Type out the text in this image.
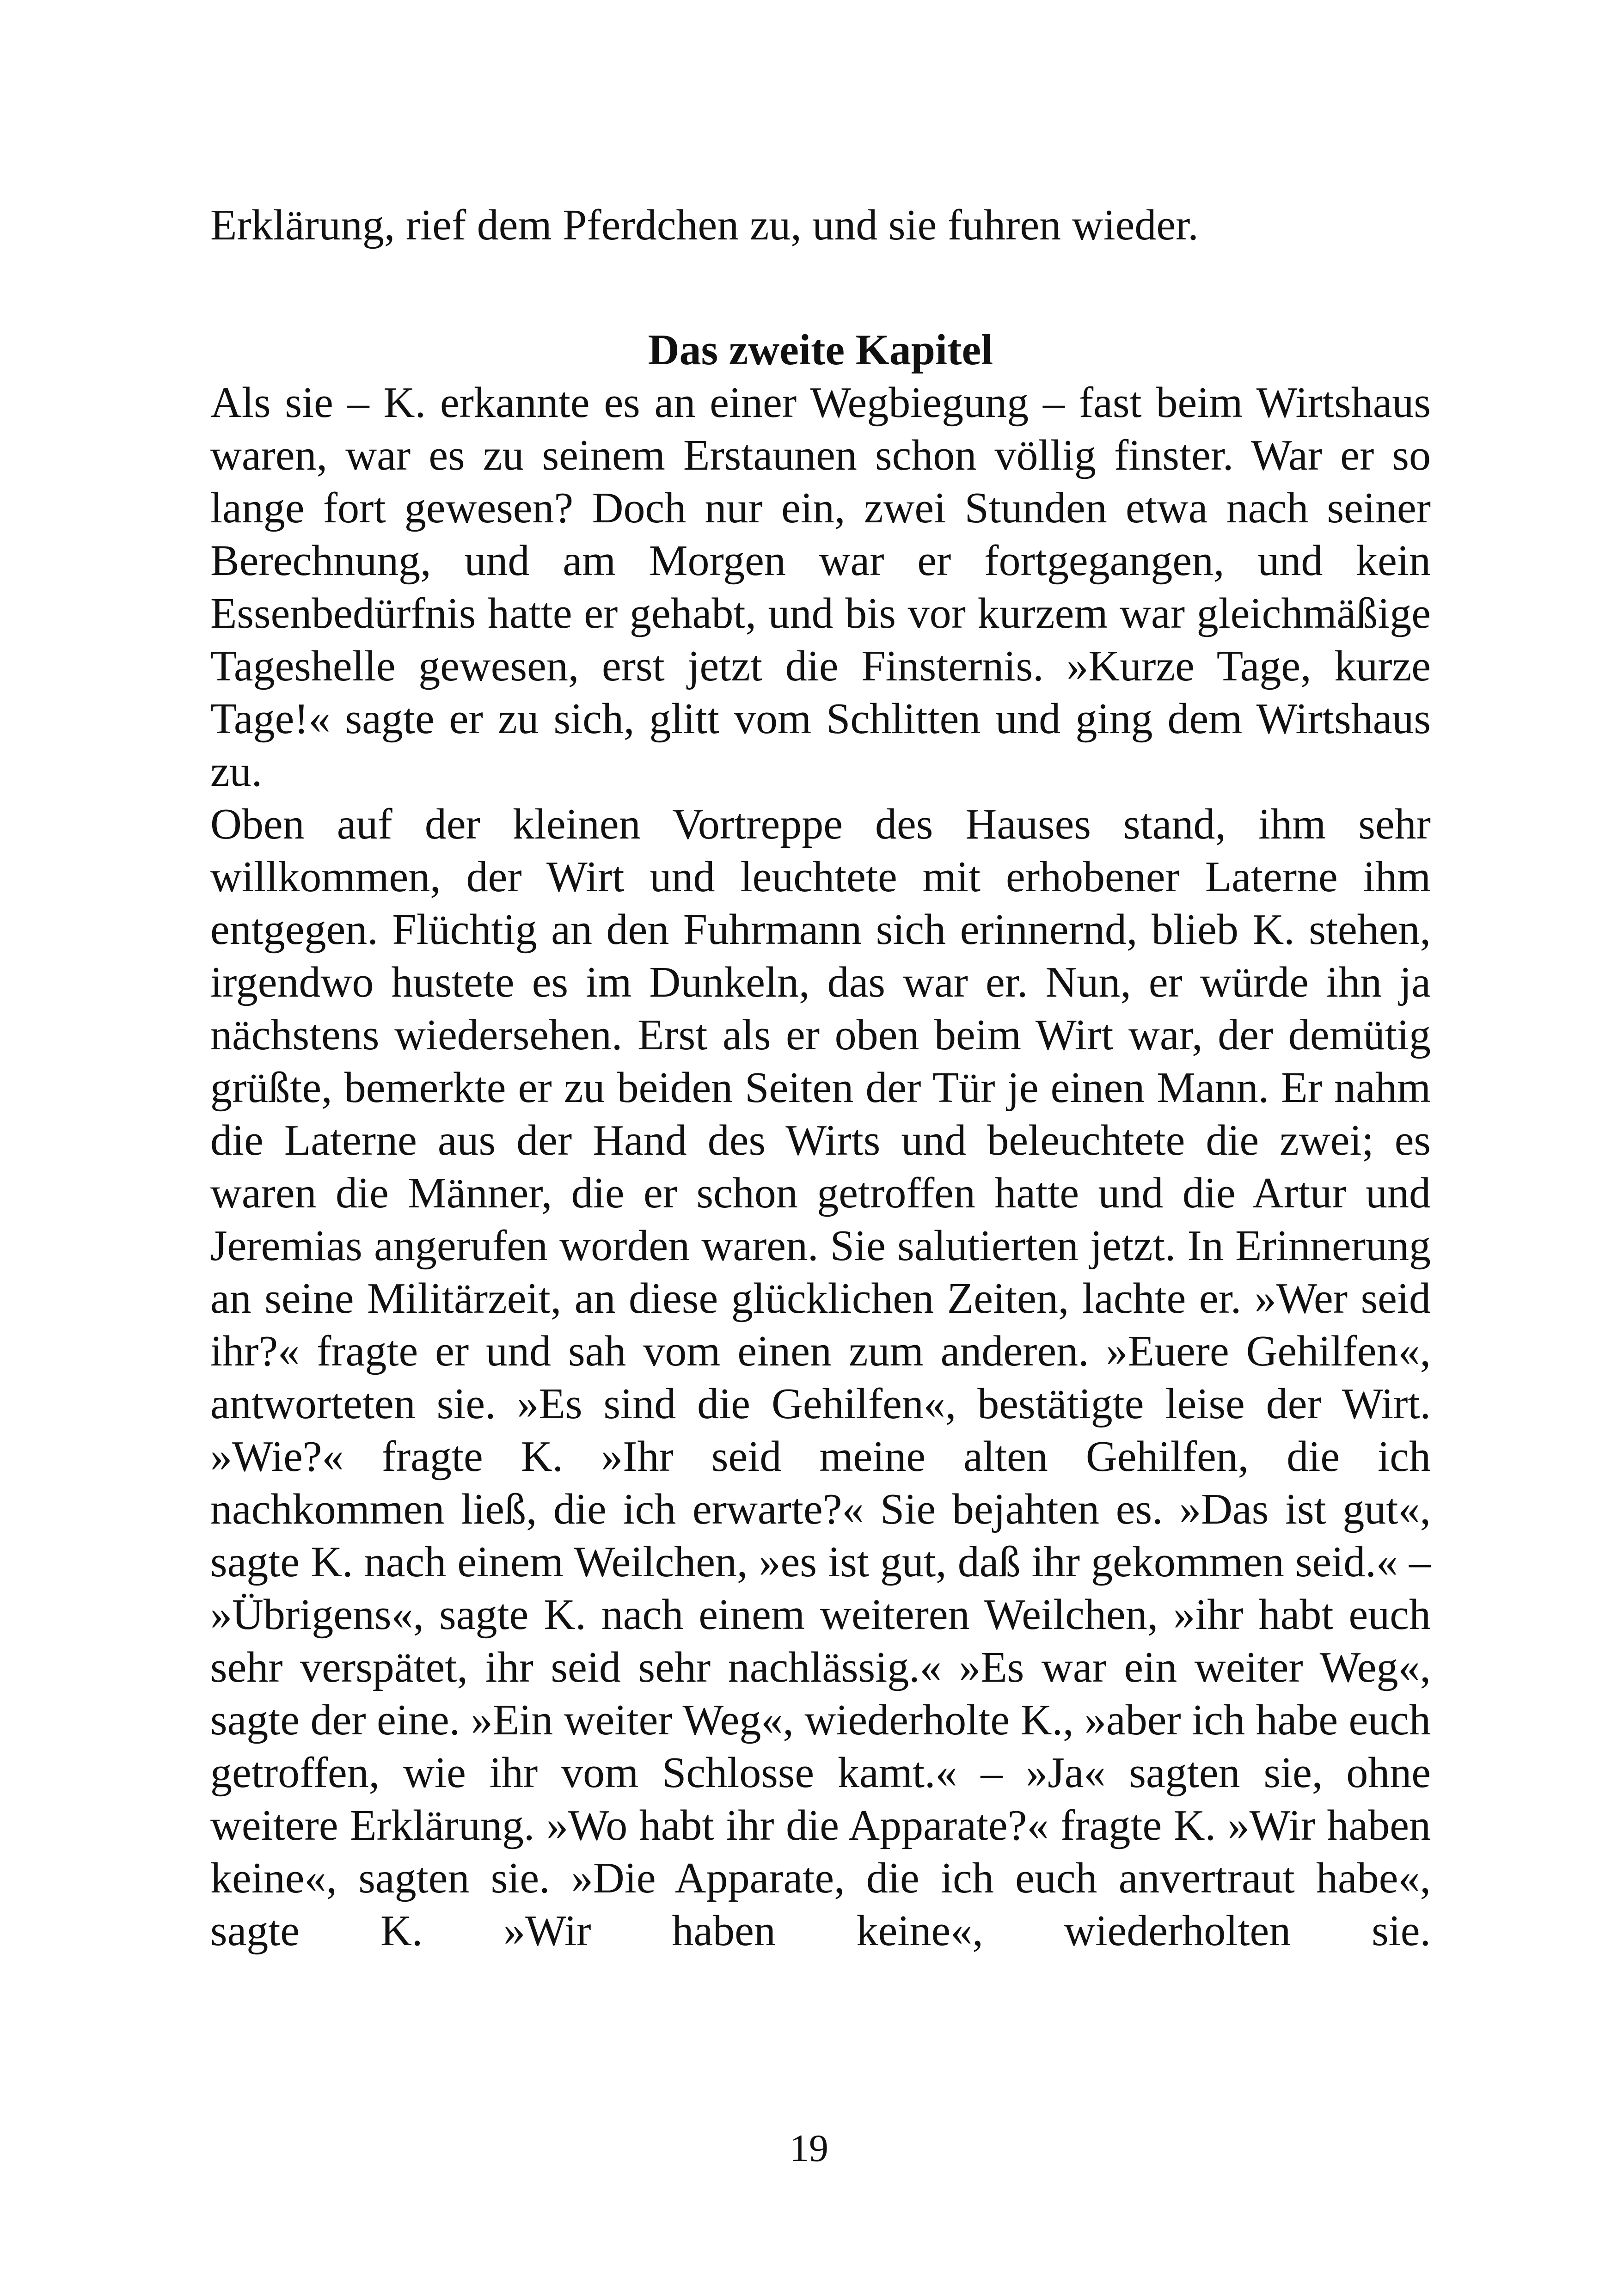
Erklärung, rief dem Pferdchen zu, und sie fuhren wieder.
Das zweite Kapitel

Als sie – K. erkannte es an einer Wegbiegung – fast beim Wirtshaus waren, war es zu seinem Erstaunen schon völlig finster. War er so lange fort gewesen? Doch nur ein, zwei Stunden etwa nach seiner Berechnung, und am Morgen war er fortgegangen, und kein Essenbedürfnis hatte er gehabt, und bis vor kurzem war gleichmäßige Tageshelle gewesen, erst jetzt die Finsternis. »Kurze Tage, kurze Tage!« sagte er zu sich, glitt vom Schlitten und ging dem Wirtshaus zu.

Oben auf der kleinen Vortreppe des Hauses stand, ihm sehr willkommen, der Wirt und leuchtete mit erhobener Laterne ihm entgegen. Flüchtig an den Fuhrmann sich erinnernd, blieb K. stehen, irgendwo hustete es im Dunkeln, das war er. Nun, er würde ihn ja nächstens wiedersehen. Erst als er oben beim Wirt war, der demütig grüßte, bemerkte er zu beiden Seiten der Tür je einen Mann. Er nahm die Laterne aus der Hand des Wirts und beleuchtete die zwei; es waren die Männer, die er schon getroffen hatte und die Artur und Jeremias angerufen worden waren. Sie salutierten jetzt. In Erinnerung an seine Militärzeit, an diese glücklichen Zeiten, lachte er. »Wer seid ihr?« fragte er und sah vom einen zum anderen. »Euere Gehilfen«, antworteten sie. »Es sind die Gehilfen«, bestätigte leise der Wirt. »Wie?« fragte K. »Ihr seid meine alten Gehilfen, die ich nachkommen ließ, die ich erwarte?« Sie bejahten es. »Das ist gut«, sagte K. nach einem Weilchen, »es ist gut, daß ihr gekommen seid.« – »Übrigens«, sagte K. nach einem weiteren Weilchen, »ihr habt euch sehr verspätet, ihr seid sehr nachlässig.« »Es war ein weiter Weg«, sagte der eine. »Ein weiter Weg«, wiederholte K., »aber ich habe euch getroffen, wie ihr vom Schlosse kamt.« – »Ja« sagten sie, ohne weitere Erklärung. »Wo habt ihr die Apparate?« fragte K. »Wir haben keine«, sagten sie. »Die Apparate, die ich euch anvertraut habe«, sagte K. »Wir haben keine«, wiederholten sie.

19
